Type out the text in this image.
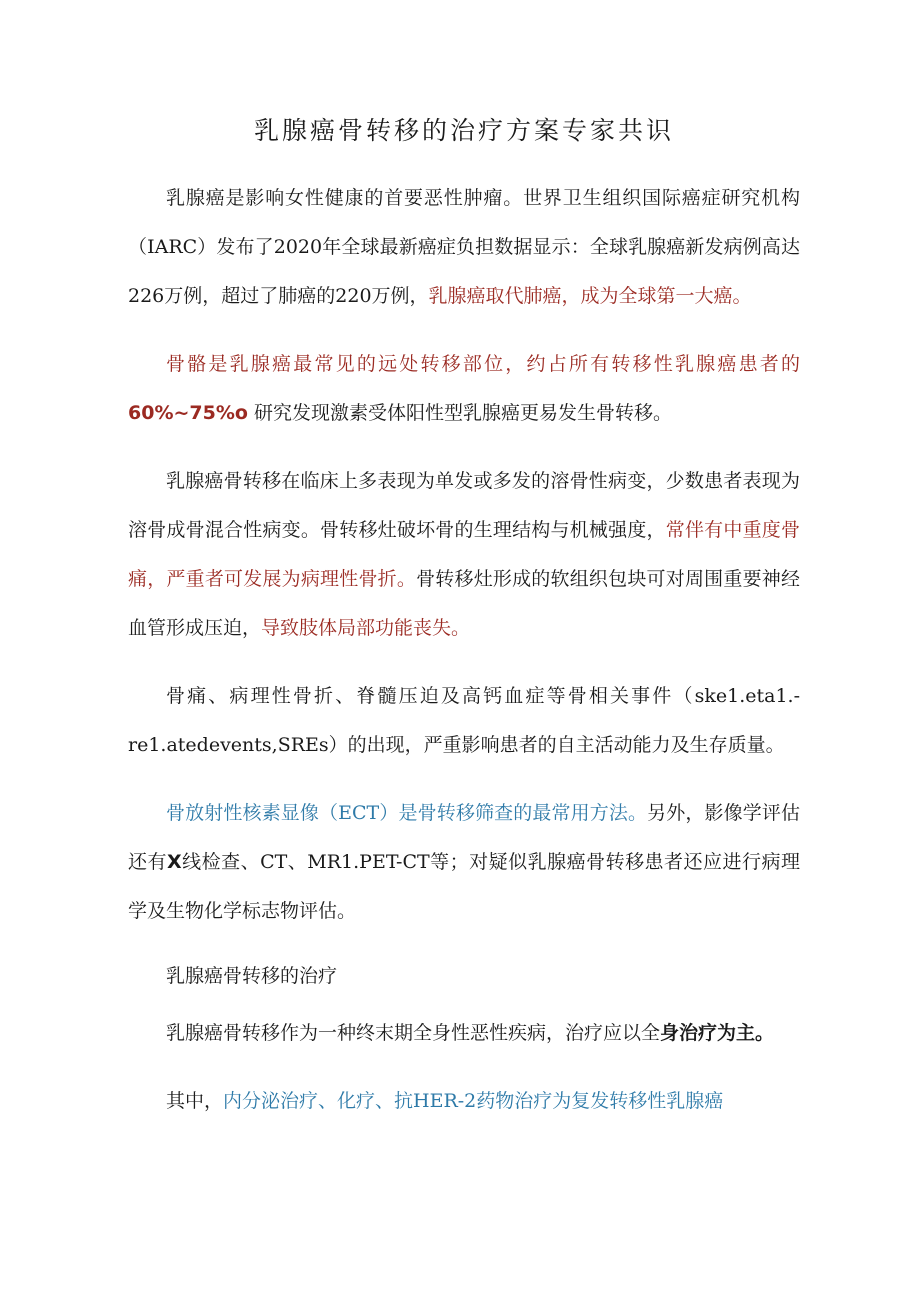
乳腺癌骨转移的治疗方案专家共识

乳腺癌是影响女性健康的首要恶性肿瘤。世界卫生组织国际癌症研究机构（IARC）发布了2020年全球最新癌症负担数据显示：全球乳腺癌新发病例高达226万例，超过了肺癌的220万例，乳腺癌取代肺癌，成为全球第一大癌。

骨骼是乳腺癌最常见的远处转移部位，约占所有转移性乳腺癌患者的60%~75%o 研究发现激素受体阳性型乳腺癌更易发生骨转移。

乳腺癌骨转移在临床上多表现为单发或多发的溶骨性病变，少数患者表现为溶骨成骨混合性病变。骨转移灶破坏骨的生理结构与机械强度，常伴有中重度骨痛，严重者可发展为病理性骨折。骨转移灶形成的软组织包块可对周围重要神经血管形成压迫，导致肢体局部功能丧失。

骨痛、病理性骨折、脊髓压迫及高钙血症等骨相关事件（ske1.eta1.-re1.atedevents,SREs）的出现，严重影响患者的自主活动能力及生存质量。

骨放射性核素显像（ECT）是骨转移筛查的最常用方法。另外，影像学评估还有X线检查、CT、MR1.PET-CT等；对疑似乳腺癌骨转移患者还应进行病理学及生物化学标志物评估。

乳腺癌骨转移的治疗

乳腺癌骨转移作为一种终末期全身性恶性疾病，治疗应以全身治疗为主。

其中，内分泌治疗、化疗、抗HER-2药物治疗为复发转移性乳腺癌
